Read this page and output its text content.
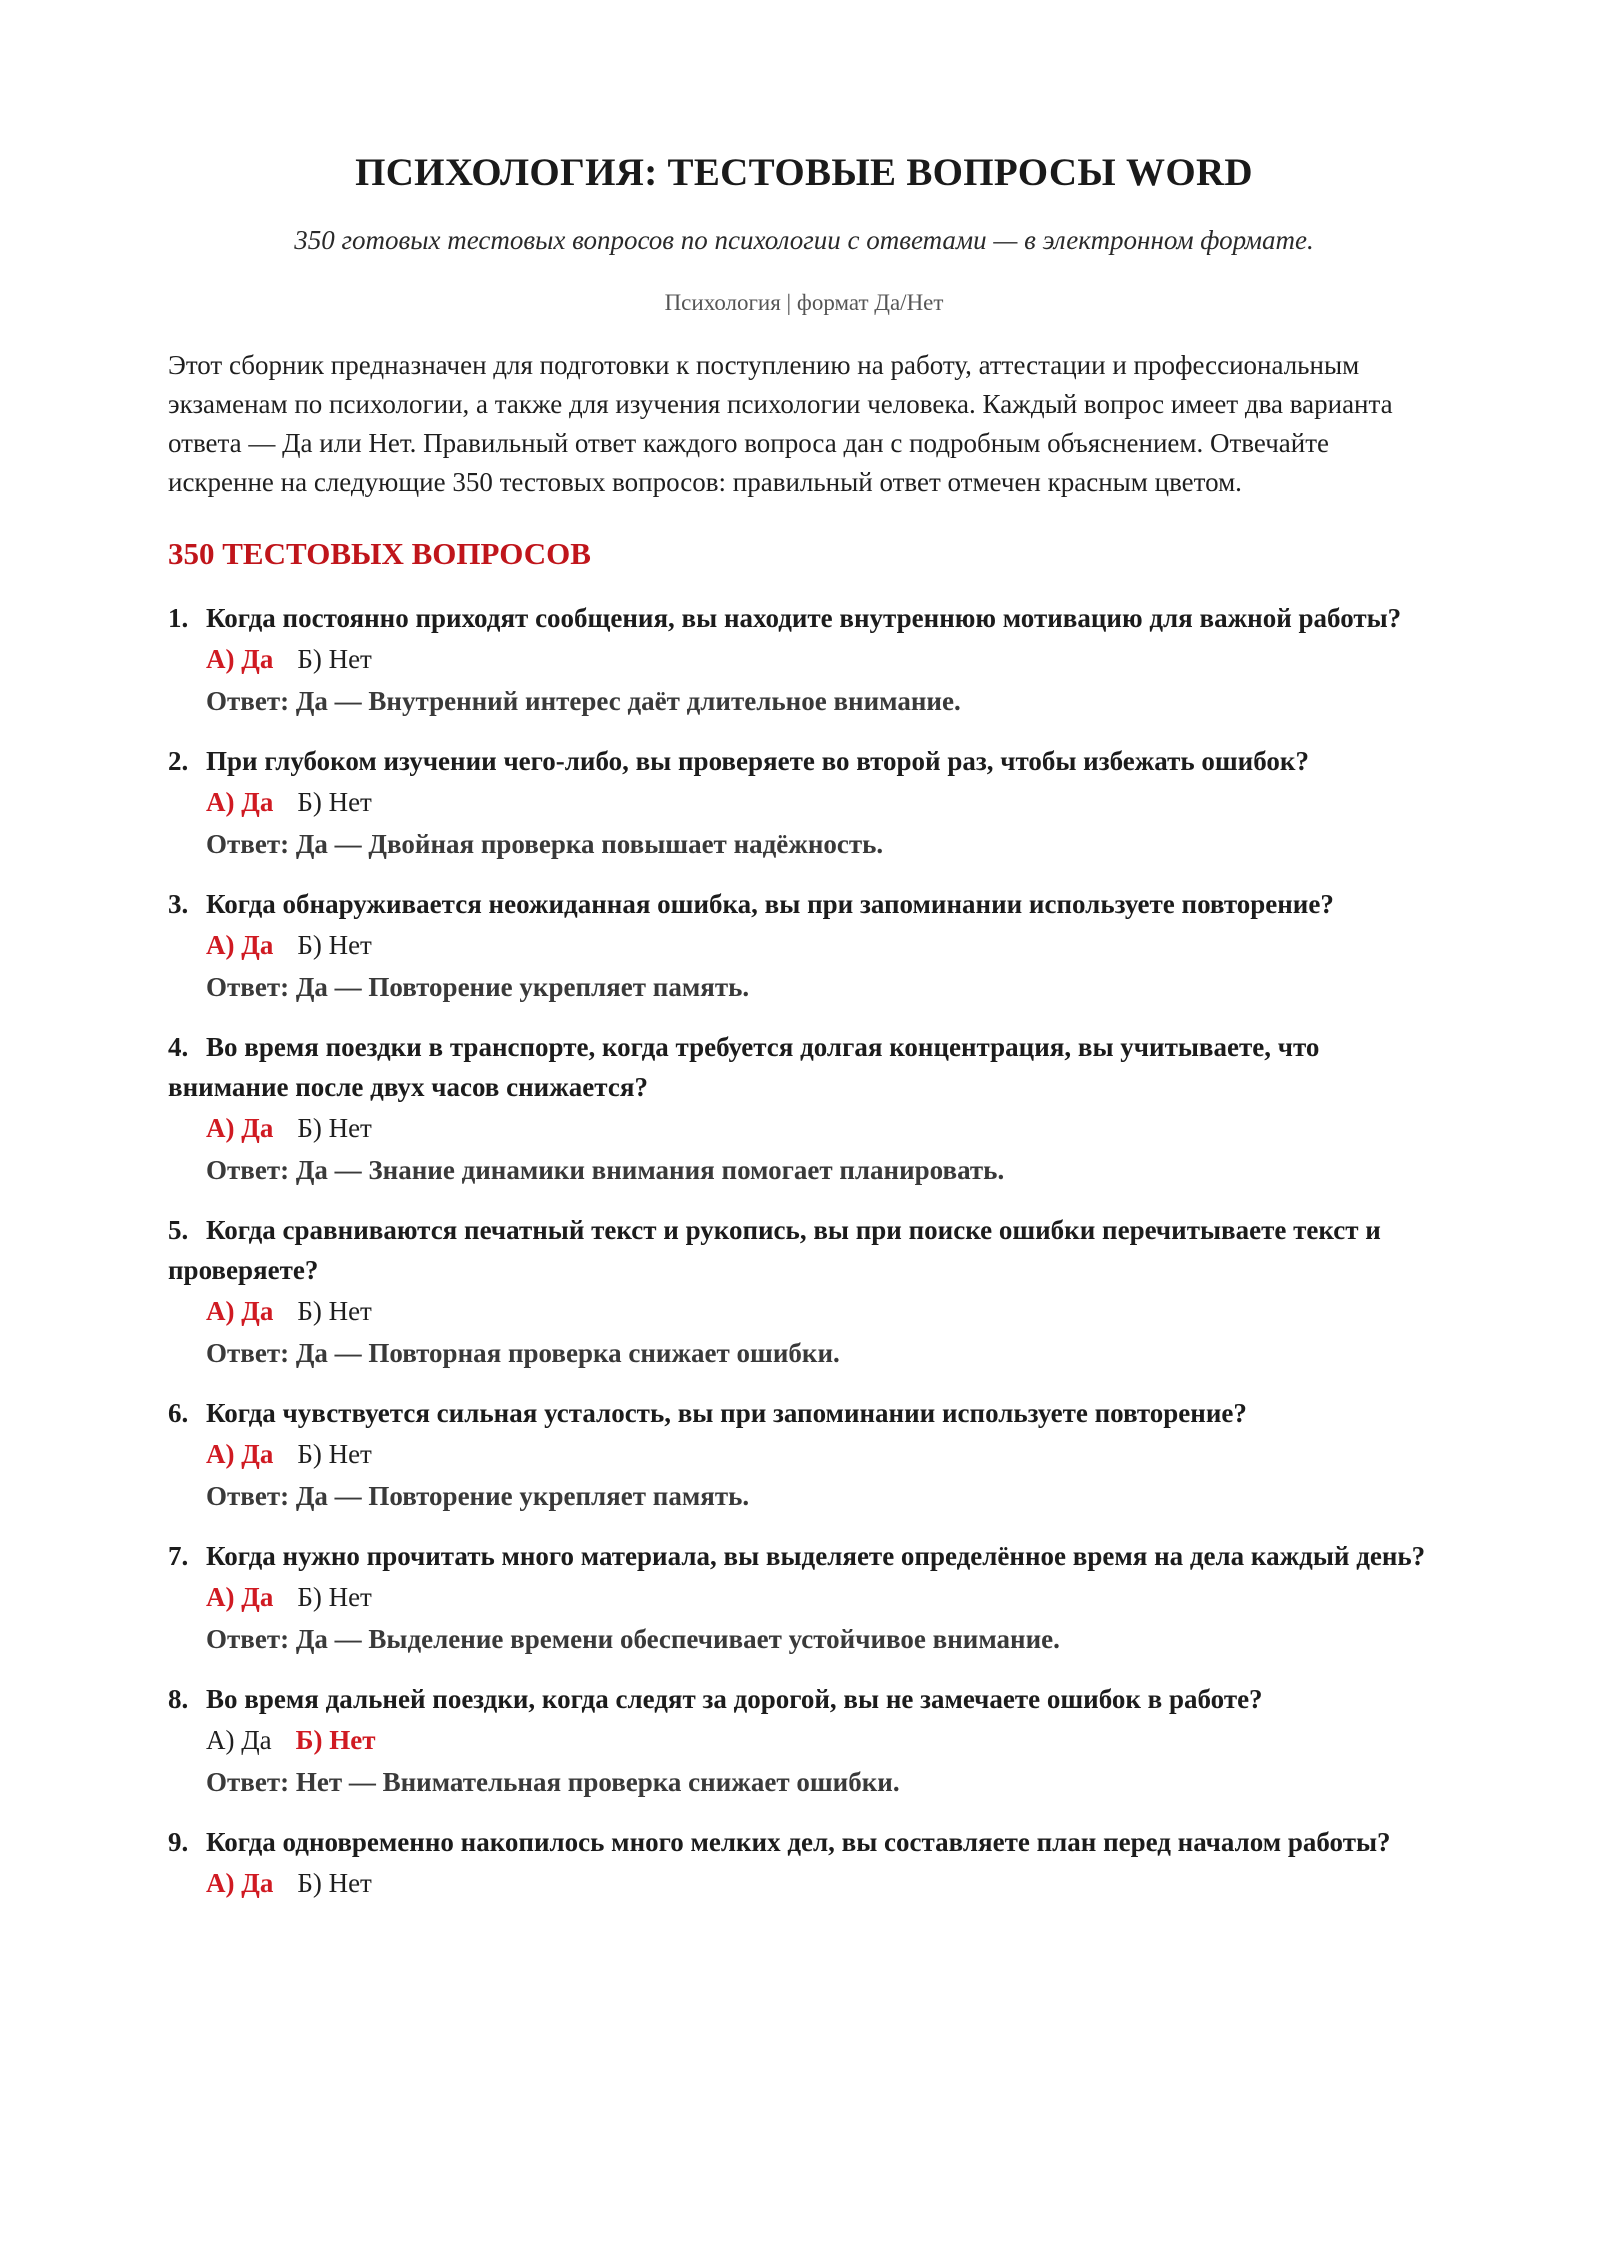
ПСИХОЛОГИЯ: ТЕСТОВЫЕ ВОПРОСЫ WORD

350 готовых тестовых вопросов по психологии с ответами — в электронном формате.

Психология | формат Да/Нет

Этот сборник предназначен для подготовки к поступлению на работу, аттестации и профессиональным экзаменам по психологии, а также для изучения психологии человека. Каждый вопрос имеет два варианта ответа — Да или Нет. Правильный ответ каждого вопроса дан с подробным объяснением. Отвечайте искренне на следующие 350 тестовых вопросов: правильный ответ отмечен красным цветом.

350 ТЕСТОВЫХ ВОПРОСОВ
1. Когда постоянно приходят сообщения, вы находите внутреннюю мотивацию для важной работы?
А) Да Б) Нет
Ответ: Да — Внутренний интерес даёт длительное внимание.
2. При глубоком изучении чего-либо, вы проверяете во второй раз, чтобы избежать ошибок?
А) Да Б) Нет
Ответ: Да — Двойная проверка повышает надёжность.
3. Когда обнаруживается неожиданная ошибка, вы при запоминании используете повторение?
А) Да Б) Нет
Ответ: Да — Повторение укрепляет память.
4. Во время поездки в транспорте, когда требуется долгая концентрация, вы учитываете, что внимание после двух часов снижается?
А) Да Б) Нет
Ответ: Да — Знание динамики внимания помогает планировать.
5. Когда сравниваются печатный текст и рукопись, вы при поиске ошибки перечитываете текст и проверяете?
А) Да Б) Нет
Ответ: Да — Повторная проверка снижает ошибки.
6. Когда чувствуется сильная усталость, вы при запоминании используете повторение?
А) Да Б) Нет
Ответ: Да — Повторение укрепляет память.
7. Когда нужно прочитать много материала, вы выделяете определённое время на дела каждый день?
А) Да Б) Нет
Ответ: Да — Выделение времени обеспечивает устойчивое внимание.
8. Во время дальней поездки, когда следят за дорогой, вы не замечаете ошибок в работе?
А) Да Б) Нет
Ответ: Нет — Внимательная проверка снижает ошибки.
9. Когда одновременно накопилось много мелких дел, вы составляете план перед началом работы?
А) Да Б) Нет
